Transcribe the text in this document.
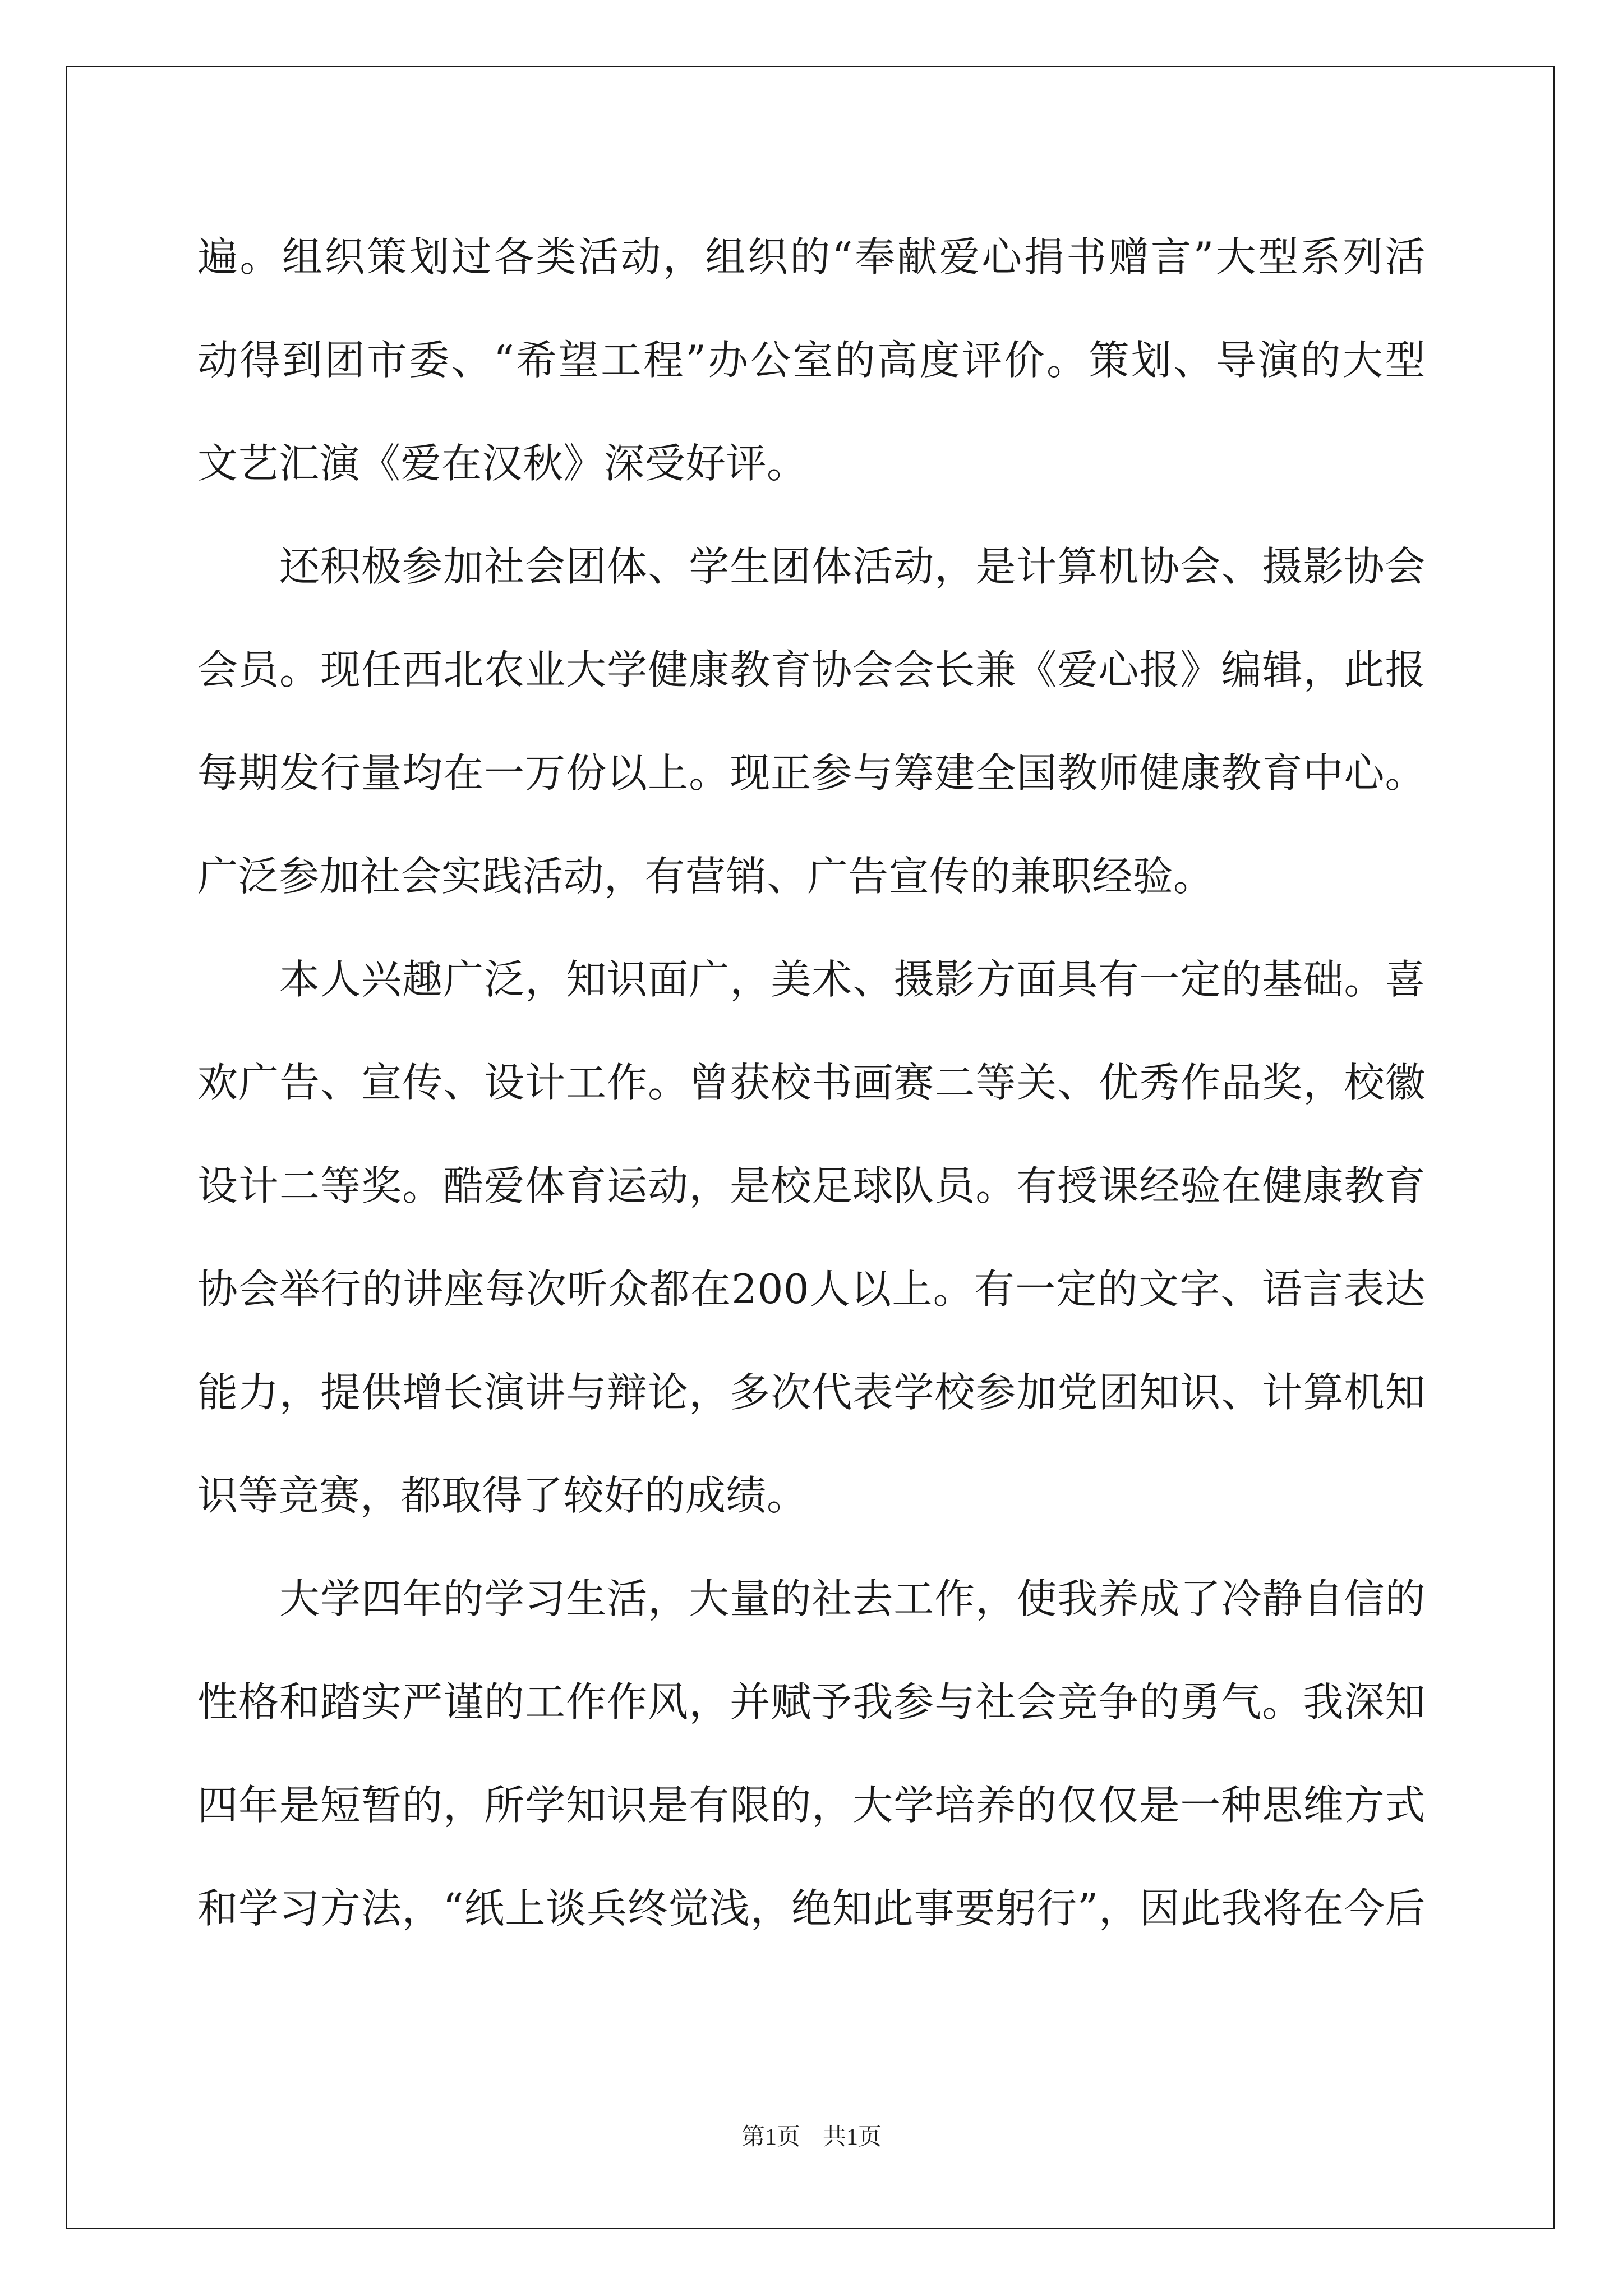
遍。组织策划过各类活动，组织的“奉献爱心捐书赠言”大型系列活
动得到团市委、“希望工程”办公室的高度评价。策划、导演的大型
文艺汇演《爱在汉秋》深受好评。
　　还积极参加社会团体、学生团体活动，是计算机协会、摄影协会
会员。现任西北农业大学健康教育协会会长兼《爱心报》编辑，此报
每期发行量均在一万份以上。现正参与筹建全国教师健康教育中心。
广泛参加社会实践活动，有营销、广告宣传的兼职经验。
　　本人兴趣广泛，知识面广，美术、摄影方面具有一定的基础。喜
欢广告、宣传、设计工作。曾获校书画赛二等关、优秀作品奖，校徽
设计二等奖。酷爱体育运动，是校足球队员。有授课经验在健康教育
协会举行的讲座每次听众都在200人以上。有一定的文字、语言表达
能力，提供增长演讲与辩论，多次代表学校参加党团知识、计算机知
识等竞赛，都取得了较好的成绩。
　　大学四年的学习生活，大量的社去工作，使我养成了冷静自信的
性格和踏实严谨的工作作风，并赋予我参与社会竞争的勇气。我深知
四年是短暂的，所学知识是有限的，大学培养的仅仅是一种思维方式
和学习方法，“纸上谈兵终觉浅，绝知此事要躬行”，因此我将在今后
第1页 共1页
